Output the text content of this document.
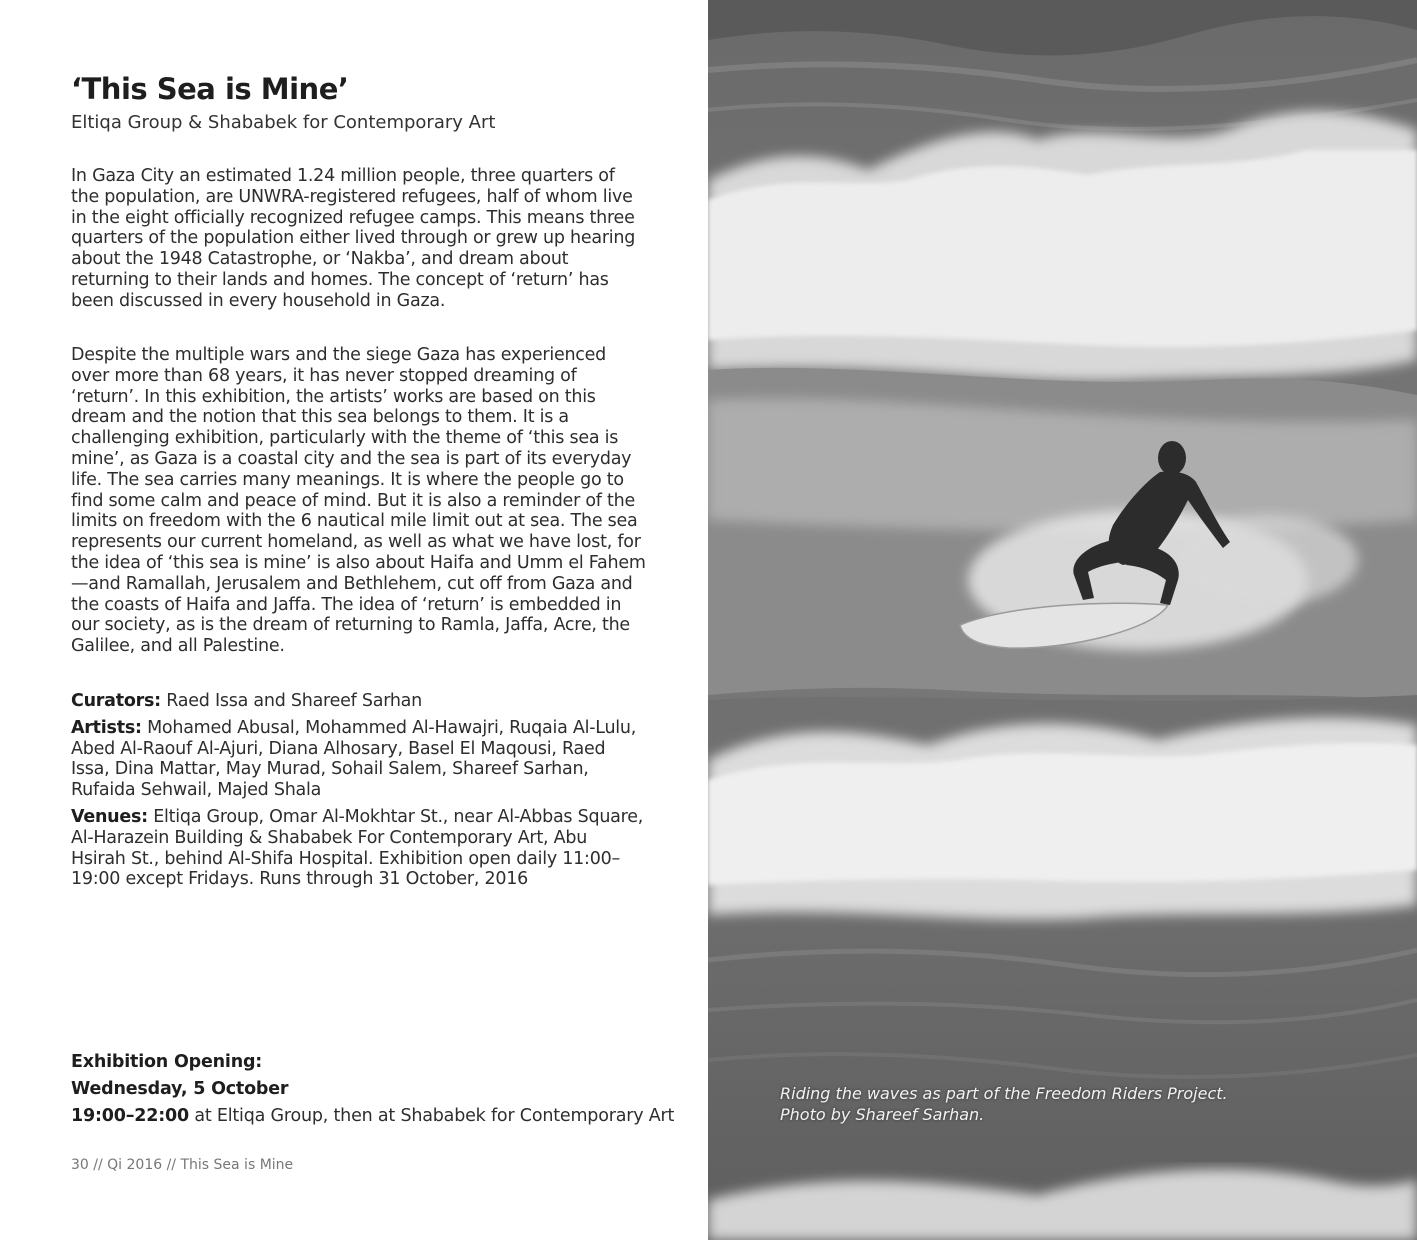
‘This Sea is Mine’
Eltiqa Group & Shababek for Contemporary Art

In Gaza City an estimated 1.24 million people, three quarters of the population, are UNWRA-registered refugees, half of whom live in the eight officially recognized refugee camps. This means three quarters of the population either lived through or grew up hearing about the 1948 Catastrophe, or ‘Nakba’, and dream about returning to their lands and homes. The concept of ‘return’ has been discussed in every household in Gaza.

Despite the multiple wars and the siege Gaza has experienced over more than 68 years, it has never stopped dreaming of ‘return’. In this exhibition, the artists’ works are based on this dream and the notion that this sea belongs to them. It is a challenging exhibition, particularly with the theme of ‘this sea is mine’, as Gaza is a coastal city and the sea is part of its everyday life. The sea carries many meanings. It is where the people go to find some calm and peace of mind. But it is also a reminder of the limits on freedom with the 6 nautical mile limit out at sea. The sea represents our current homeland, as well as what we have lost, for the idea of ‘this sea is mine’ is also about Haifa and Umm el Fahem—and Ramallah, Jerusalem and Bethlehem, cut off from Gaza and the coasts of Haifa and Jaffa. The idea of ‘return’ is embedded in our society, as is the dream of returning to Ramla, Jaffa, Acre, the Galilee, and all Palestine.

Curators: Raed Issa and Shareef Sarhan

Artists: Mohamed Abusal, Mohammed Al-Hawajri, Ruqaia Al-Lulu, Abed Al-Raouf Al-Ajuri, Diana Alhosary, Basel El Maqousi, Raed Issa, Dina Mattar, May Murad, Sohail Salem, Shareef Sarhan, Rufaida Sehwail, Majed Shala

Venues: Eltiqa Group, Omar Al-Mokhtar St., near Al-Abbas Square, Al-Harazein Building & Shababek For Contemporary Art, Abu Hsirah St., behind Al-Shifa Hospital. Exhibition open daily 11:00–19:00 except Fridays. Runs through 31 October, 2016

Exhibition Opening:
Wednesday, 5 October
19:00–22:00 at Eltiqa Group, then at Shababek for Contemporary Art
30 // Qi 2016 // This Sea is Mine
Riding the waves as part of the Freedom Riders Project.
Photo by Shareef Sarhan.
